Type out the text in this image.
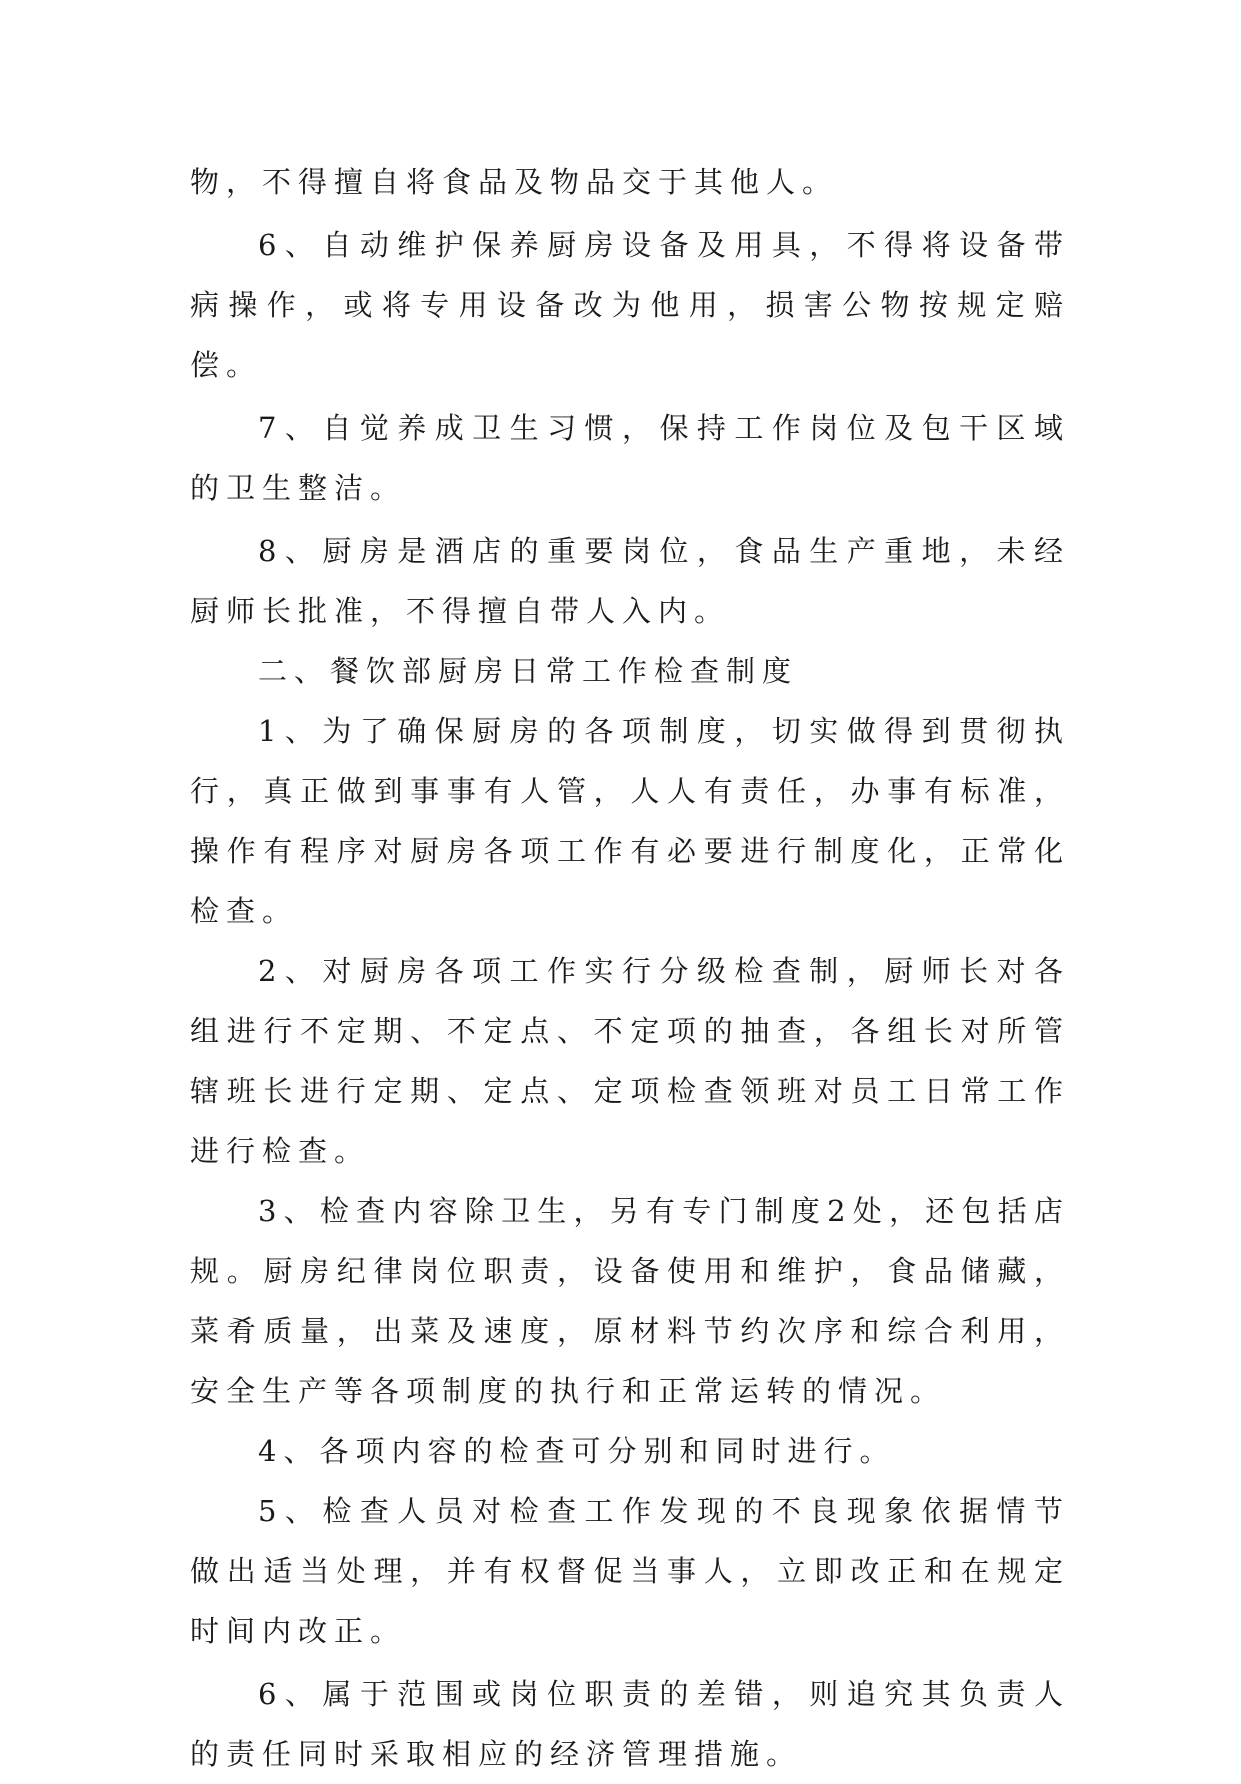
物，不得擅自将食品及物品交于其他人。

6、自动维护保养厨房设备及用具，不得将设备带病操作，或将专用设备改为他用，损害公物按规定赔偿。

7、自觉养成卫生习惯，保持工作岗位及包干区域的卫生整洁。

8、厨房是酒店的重要岗位，食品生产重地，未经厨师长批准，不得擅自带人入内。

二、餐饮部厨房日常工作检查制度

1、为了确保厨房的各项制度，切实做得到贯彻执行，真正做到事事有人管，人人有责任，办事有标准，操作有程序对厨房各项工作有必要进行制度化，正常化检查。

2、对厨房各项工作实行分级检查制，厨师长对各组进行不定期、不定点、不定项的抽查，各组长对所管辖班长进行定期、定点、定项检查领班对员工日常工作进行检查。

3、检查内容除卫生，另有专门制度2处，还包括店规。厨房纪律岗位职责，设备使用和维护，食品储藏，菜肴质量，出菜及速度，原材料节约次序和综合利用，安全生产等各项制度的执行和正常运转的情况。

4、各项内容的检查可分别和同时进行。

5、检查人员对检查工作发现的不良现象依据情节做出适当处理，并有权督促当事人，立即改正和在规定时间内改正。

6、属于范围或岗位职责的差错，则追究其负责人的责任同时采取相应的经济管理措施。
